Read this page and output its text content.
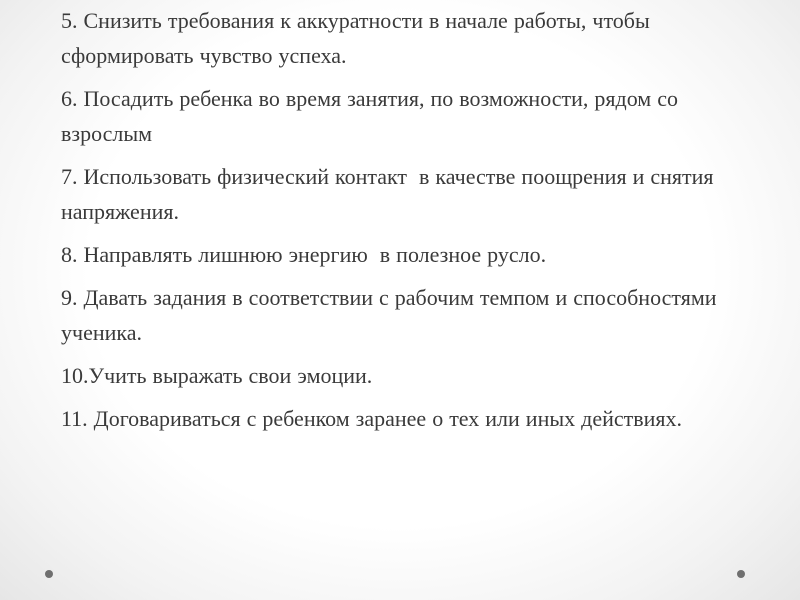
5. Снизить требования к аккуратности в начале работы, чтобы сформировать чувство успеха.

6. Посадить ребенка во время занятия, по возможности, рядом со взрослым

7. Использовать физический контакт  в качестве поощрения и снятия напряжения.

8. Направлять лишнюю энергию  в полезное русло.

9. Давать задания в соответствии с рабочим темпом и способностями ученика.

10.Учить выражать свои эмоции.

11. Договариваться с ребенком заранее о тех или иных действиях.
